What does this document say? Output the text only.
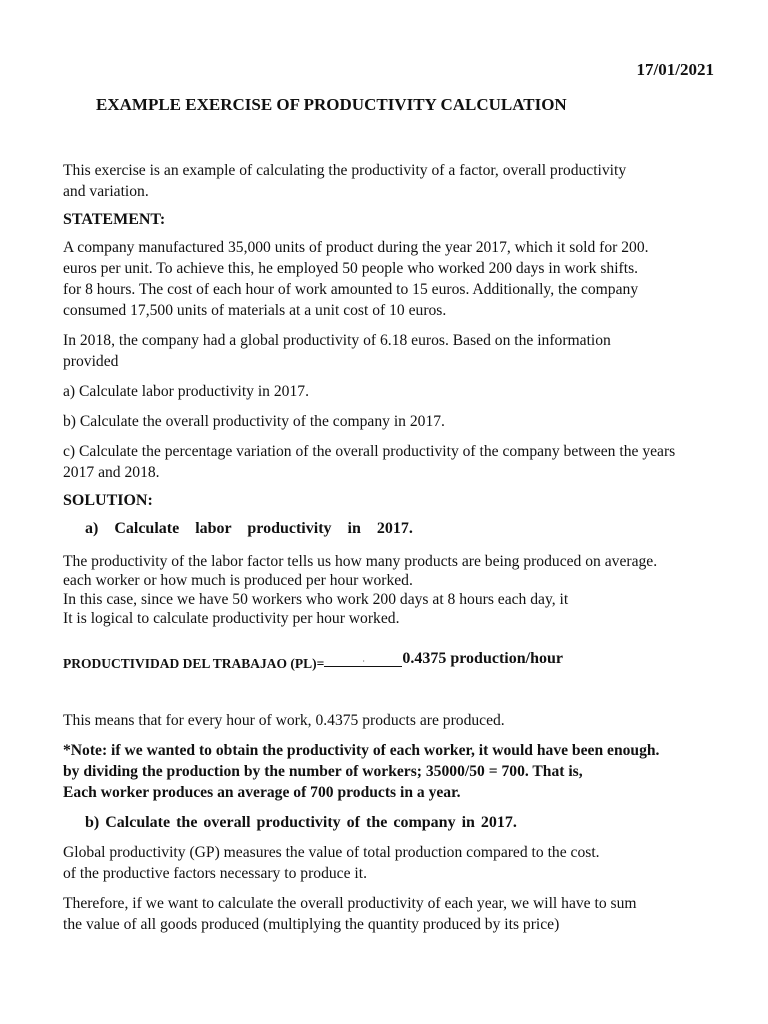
17/01/2021
EXAMPLE EXERCISE OF PRODUCTIVITY CALCULATION

This exercise is an example of calculating the productivity of a factor, overall productivity

and variation.

STATEMENT:

A company manufactured 35,000 units of product during the year 2017, which it sold for 200.

euros per unit. To achieve this, he employed 50 people who worked 200 days in work shifts.

for 8 hours. The cost of each hour of work amounted to 15 euros. Additionally, the company

consumed 17,500 units of materials at a unit cost of 10 euros.

In 2018, the company had a global productivity of 6.18 euros. Based on the information

provided

a) Calculate labor productivity in 2017.

b) Calculate the overall productivity of the company in 2017.

c) Calculate the percentage variation of the overall productivity of the company between the years

2017 and 2018.

SOLUTION:

a)  Calculate  labor  productivity  in  2017.

The productivity of the labor factor tells us how many products are being produced on average.

each worker or how much is produced per hour worked.

In this case, since we have 50 workers who work 200 days at 8 hours each day, it

It is logical to calculate productivity per hour worked.

PRODUCTIVIDAD DEL TRABAJAO (PL)=	· 0.4375 production/hour

This means that for every hour of work, 0.4375 products are produced.

*Note: if we wanted to obtain the productivity of each worker, it would have been enough.

by dividing the production by the number of workers; 35000/50 = 700. That is,

Each worker produces an average of 700 products in a year.

b) Calculate the overall productivity of the company in 2017.

Global productivity (GP) measures the value of total production compared to the cost.

of the productive factors necessary to produce it.

Therefore, if we want to calculate the overall productivity of each year, we will have to sum

the value of all goods produced (multiplying the quantity produced by its price)
